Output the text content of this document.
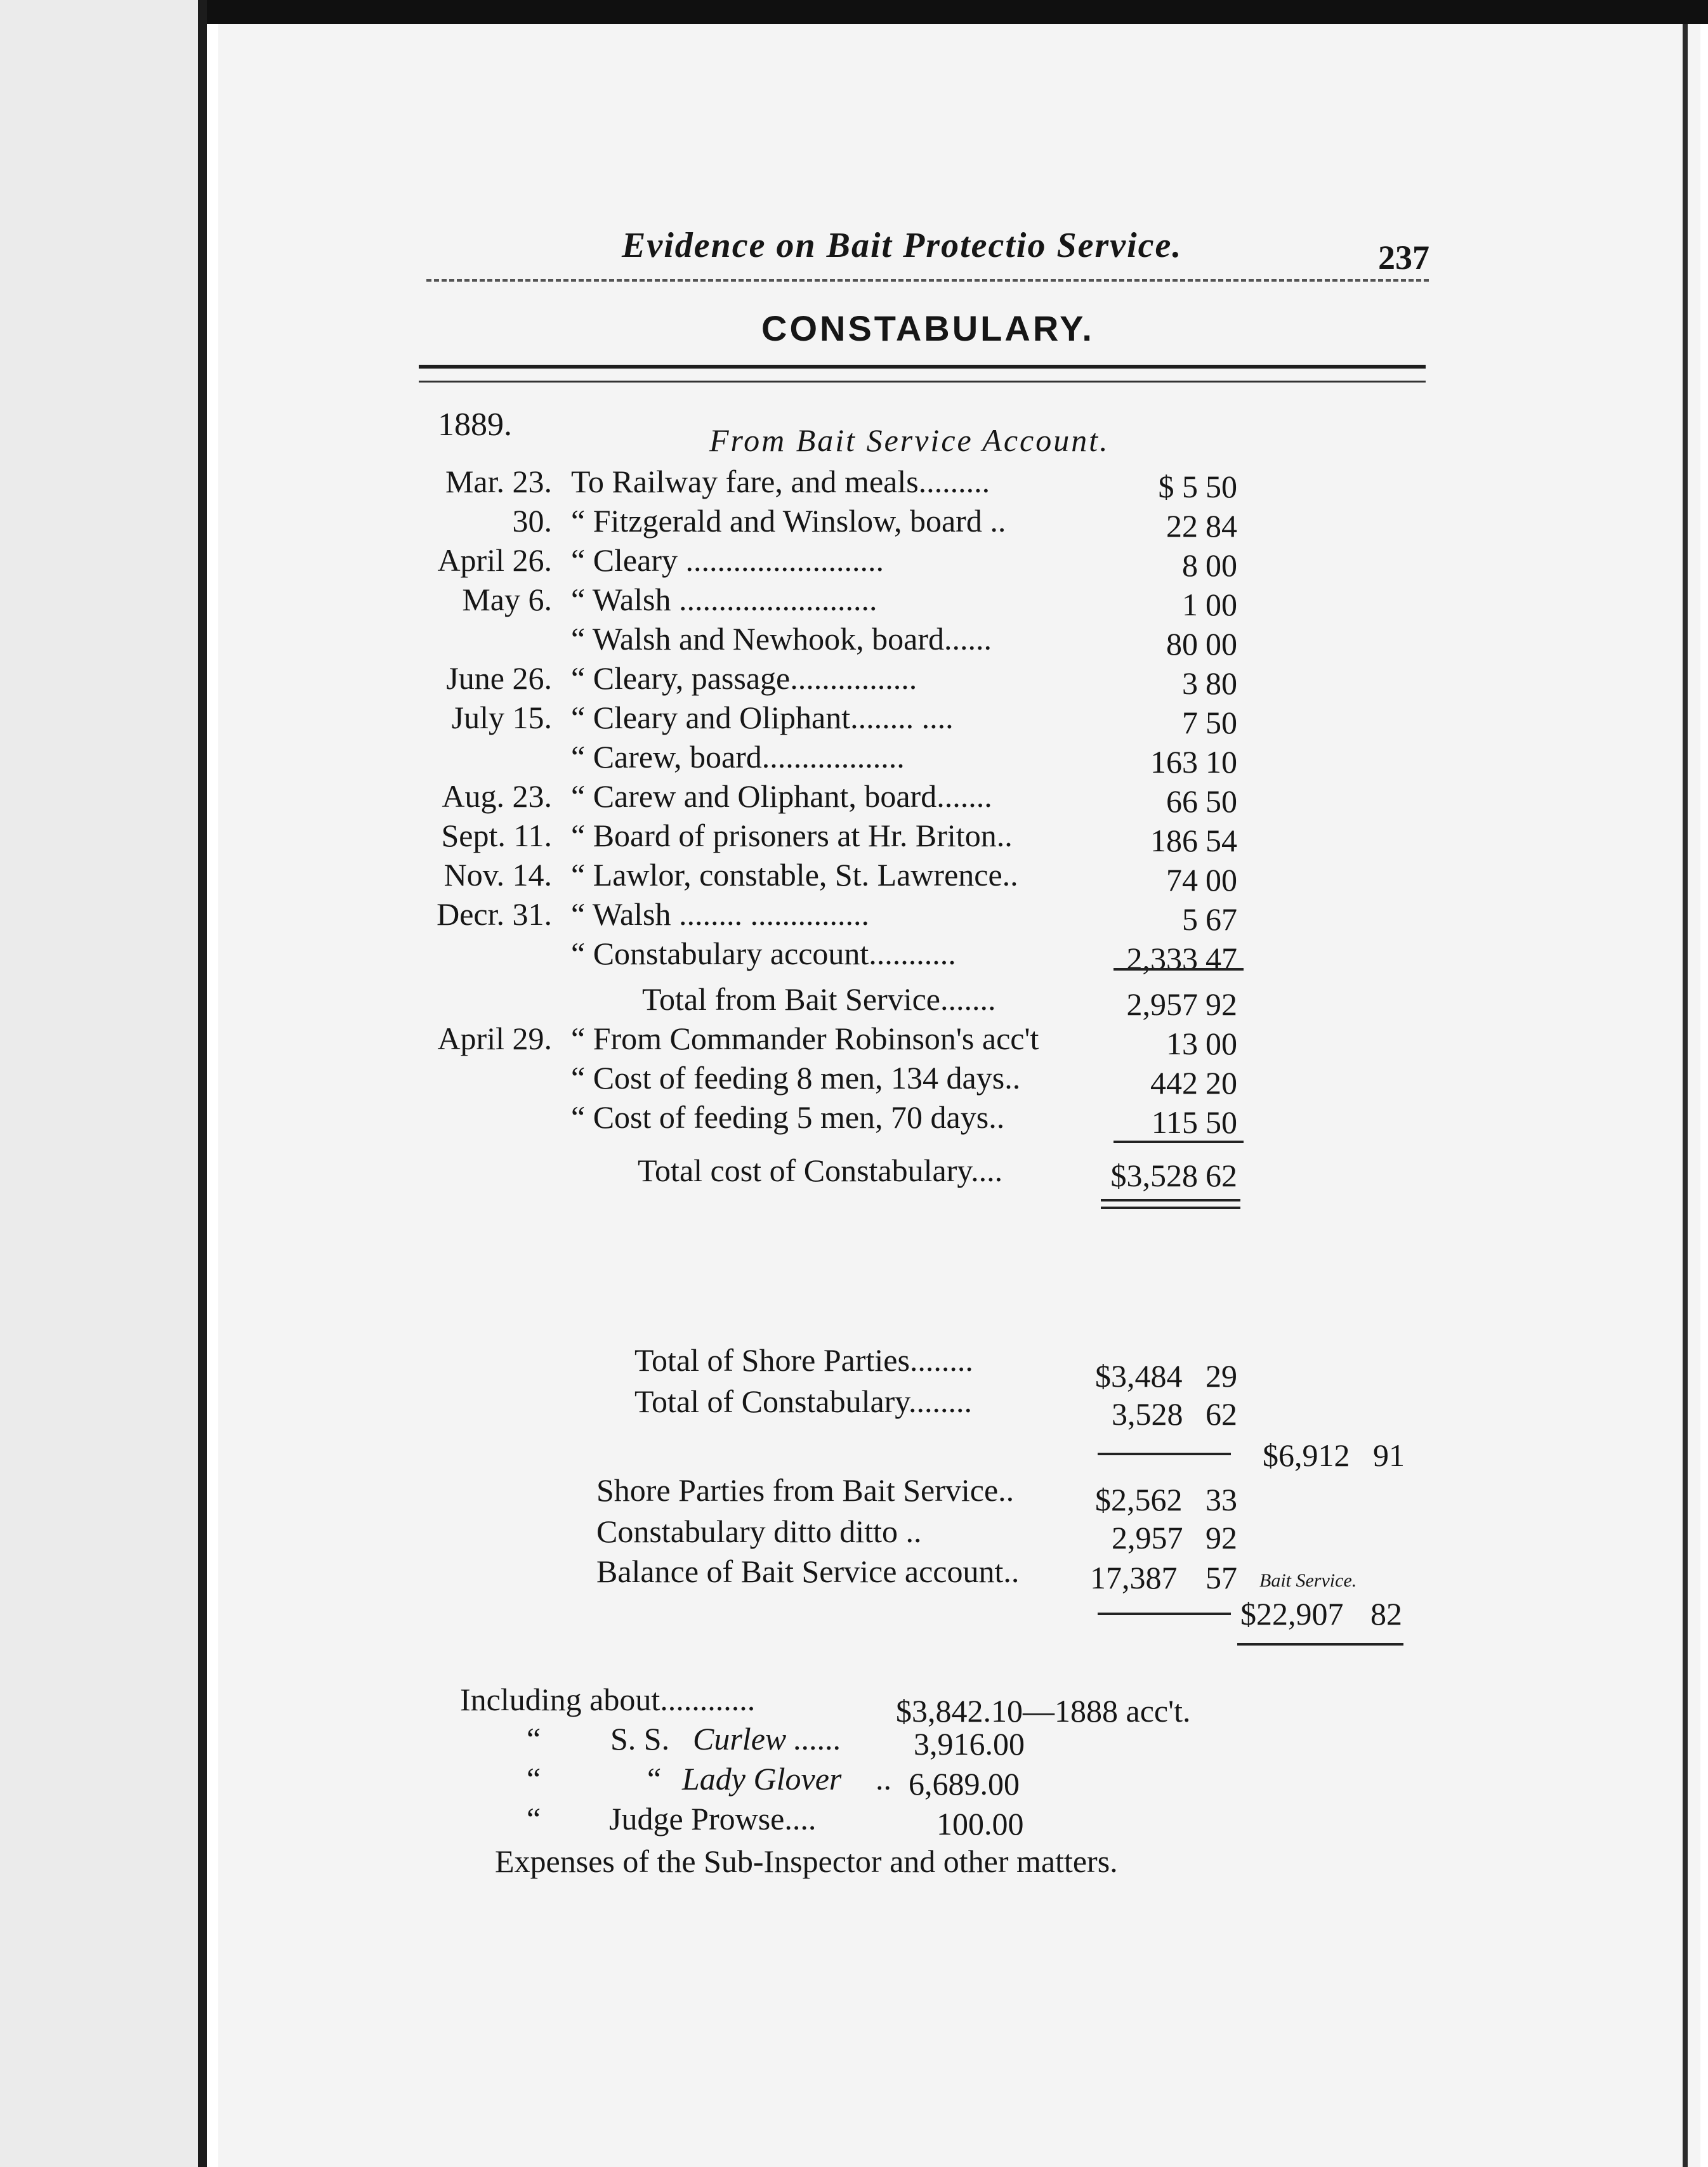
Evidence on Bait Protectio Service.	237
CONSTABULARY.
1889.	From Bait Service Account.
Mar. 23. To Railway fare, and meals.........	$ 5 50
30. “ Fitzgerald and Winslow, board ..	22 84
April 26. “ Cleary .........................	8 00
May 6. “ Walsh .........................	1 00
“ Walsh and Newhook, board......	80 00
June 26. “ Cleary, passage................	3 80
July 15. “ Cleary and Oliphant........ ....	7 50
“ Carew, board..................	163 10
Aug. 23. “ Carew and Oliphant, board.......	66 50
Sept. 11. “ Board of prisoners at Hr. Briton..	186 54
Nov. 14. “ Lawlor, constable, St. Lawrence..	74 00
Decr. 31. “ Walsh ........ ...............	5 67
“ Constabulary account...........	2,333 47
Total from Bait Service.......	2,957 92
April 29. “ From Commander Robinson's acc't	13 00
“ Cost of feeding 8 men, 134 days..	442 20
“ Cost of feeding 5 men, 70 days..	115 50
Total cost of Constabulary....	$3,528 62
Total of Shore Parties........	$3,484 29
Total of Constabulary........	3,528 62
$6,912 91
Shore Parties from Bait Service..	$2,562 33
Constabulary ditto ditto ..	2,957 92
Balance of Bait Service account.. 17,387 57 Bait Service.
$22,907 82
Including about............	$3,842.10—1888 acc't.
“ S. S. Curlew ...... 3,916.00
“	“ Lady Glover .. 6,689.00
“ Judge Prowse....	100.00
Expenses of the Sub-Inspector and other matters.
